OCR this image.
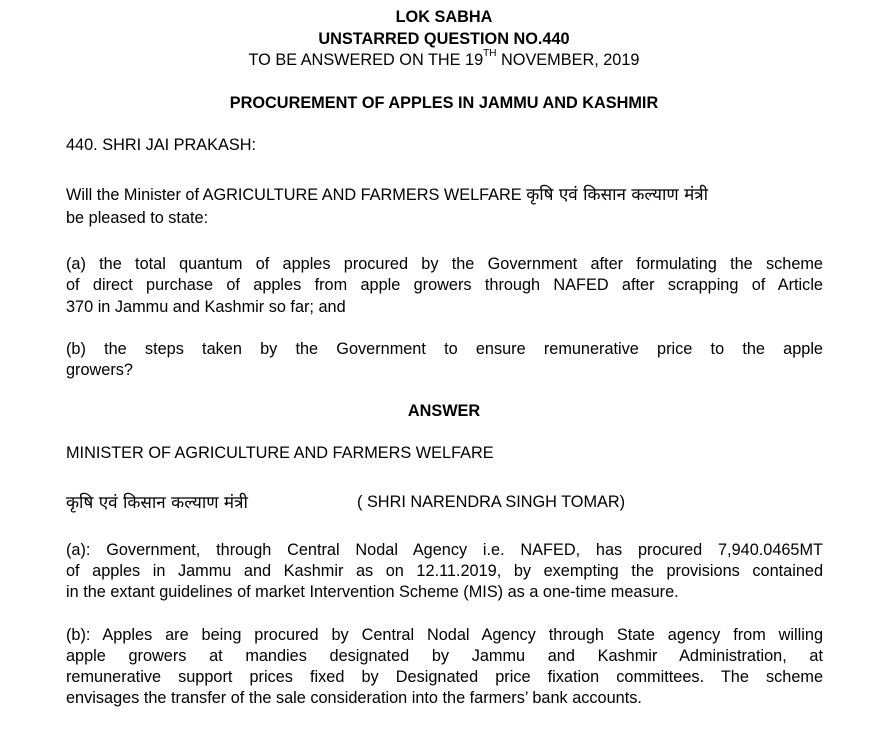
LOK SABHA
UNSTARRED QUESTION NO.440
TO BE ANSWERED ON THE 19TH NOVEMBER, 2019
PROCUREMENT OF APPLES IN JAMMU AND KASHMIR
440. SHRI JAI PRAKASH:
Will the Minister of AGRICULTURE AND FARMERS WELFARE कृषि एवं किसान कल्याण मंत्री
be pleased to state:
(a) the total quantum of apples procured by the Government after formulating the scheme
of direct purchase of apples from apple growers through NAFED after scrapping of Article
370 in Jammu and Kashmir so far; and
(b) the steps taken by the Government to ensure remunerative price to the apple
growers?
ANSWER
MINISTER OF AGRICULTURE AND FARMERS WELFARE
कृषि एवं किसान कल्याण मंत्री	( SHRI NARENDRA SINGH TOMAR)
(a): Government, through Central Nodal Agency i.e. NAFED, has procured 7,940.0465MT
of apples in Jammu and Kashmir as on 12.11.2019, by exempting the provisions contained
in the extant guidelines of market Intervention Scheme (MIS) as a one-time measure.
(b): Apples are being procured by Central Nodal Agency through State agency from willing
apple growers at mandies designated by Jammu and Kashmir Administration, at
remunerative support prices fixed by Designated price fixation committees. The scheme
envisages the transfer of the sale consideration into the farmers’ bank accounts.
